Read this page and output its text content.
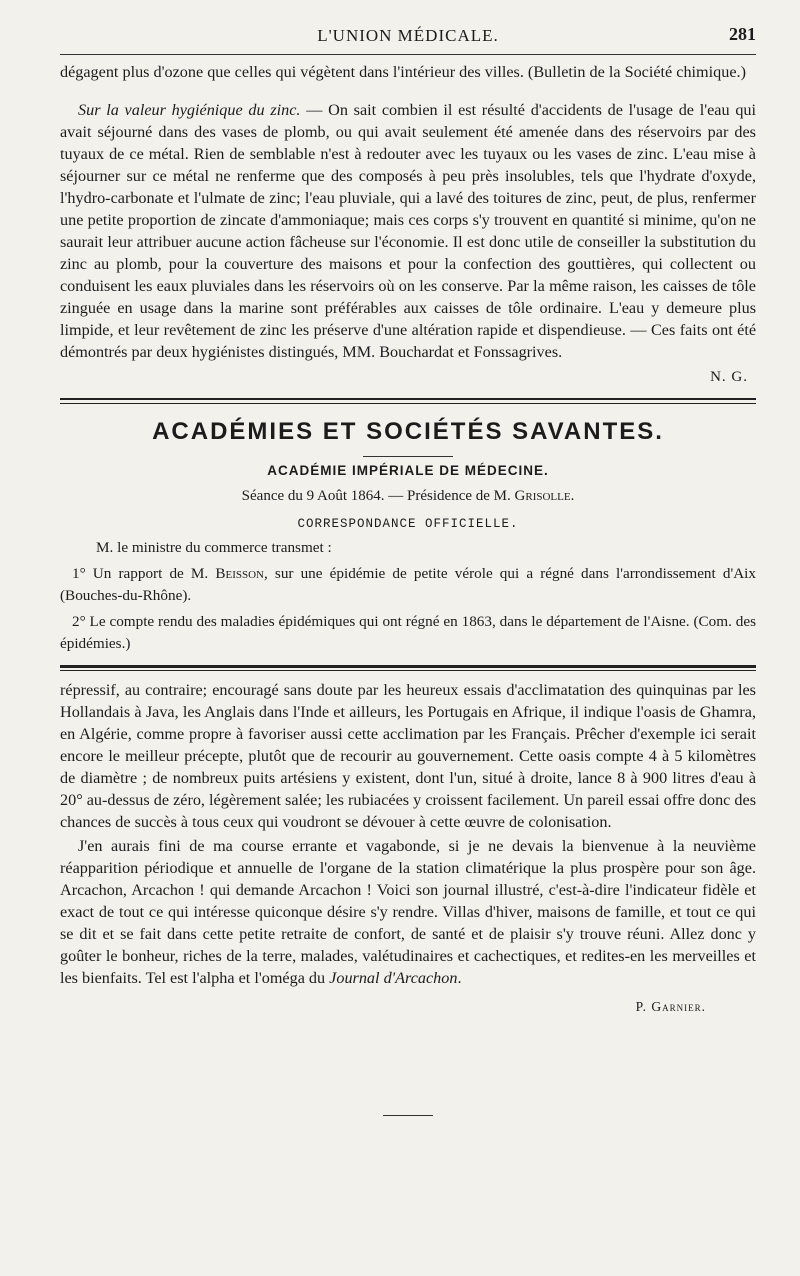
L'UNION MÉDICALE.	281

dégagent plus d'ozone que celles qui végètent dans l'intérieur des villes. (Bulletin de la Société chimique.)

Sur la valeur hygiénique du zinc. — On sait combien il est résulté d'accidents de l'usage de l'eau qui avait séjourné dans des vases de plomb, ou qui avait seulement été amenée dans des réservoirs par des tuyaux de ce métal. Rien de semblable n'est à redouter avec les tuyaux ou les vases de zinc. L'eau mise à séjourner sur ce métal ne renferme que des composés à peu près insolubles, tels que l'hydrate d'oxyde, l'hydro-carbonate et l'ulmate de zinc; l'eau pluviale, qui a lavé des toitures de zinc, peut, de plus, renfermer une petite proportion de zincate d'ammoniaque; mais ces corps s'y trouvent en quantité si minime, qu'on ne saurait leur attribuer aucune action fâcheuse sur l'économie. Il est donc utile de conseiller la substitution du zinc au plomb, pour la couverture des maisons et pour la confection des gouttières, qui collectent ou conduisent les eaux pluviales dans les réservoirs où on les conserve. Par la même raison, les caisses de tôle zinguée en usage dans la marine sont préférables aux caisses de tôle ordinaire. L'eau y demeure plus limpide, et leur revêtement de zinc les préserve d'une altération rapide et dispendieuse. — Ces faits ont été démontrés par deux hygiénistes distingués, MM. Bouchardat et Fonssagrives.

N. G.
ACADÉMIES ET SOCIÉTÉS SAVANTES.
ACADÉMIE IMPÉRIALE DE MÉDECINE.
Séance du 9 Août 1864. — Présidence de M. Grisolle.
CORRESPONDANCE OFFICIELLE.

M. le ministre du commerce transmet :

1° Un rapport de M. Beisson, sur une épidémie de petite vérole qui a régné dans l'arrondissement d'Aix (Bouches-du-Rhône).

2° Le compte rendu des maladies épidémiques qui ont régné en 1863, dans le département de l'Aisne. (Com. des épidémies.)

répressif, au contraire; encouragé sans doute par les heureux essais d'acclimatation des quinquinas par les Hollandais à Java, les Anglais dans l'Inde et ailleurs, les Portugais en Afrique, il indique l'oasis de Ghamra, en Algérie, comme propre à favoriser aussi cette acclimation par les Français. Prêcher d'exemple ici serait encore le meilleur précepte, plutôt que de recourir au gouvernement. Cette oasis compte 4 à 5 kilomètres de diamètre ; de nombreux puits artésiens y existent, dont l'un, situé à droite, lance 8 à 900 litres d'eau à 20° au-dessus de zéro, légèrement salée; les rubiacées y croissent facilement. Un pareil essai offre donc des chances de succès à tous ceux qui voudront se dévouer à cette œuvre de colonisation.

J'en aurais fini de ma course errante et vagabonde, si je ne devais la bienvenue à la neuvième réapparition périodique et annuelle de l'organe de la station climatérique la plus prospère pour son âge. Arcachon, Arcachon ! qui demande Arcachon ! Voici son journal illustré, c'est-à-dire l'indicateur fidèle et exact de tout ce qui intéresse quiconque désire s'y rendre. Villas d'hiver, maisons de famille, et tout ce qui se dit et se fait dans cette petite retraite de confort, de santé et de plaisir s'y trouve réuni. Allez donc y goûter le bonheur, riches de la terre, malades, valétudinaires et cachectiques, et redites-en les merveilles et les bienfaits. Tel est l'alpha et l'oméga du Journal d'Arcachon.

P. Garnier.
